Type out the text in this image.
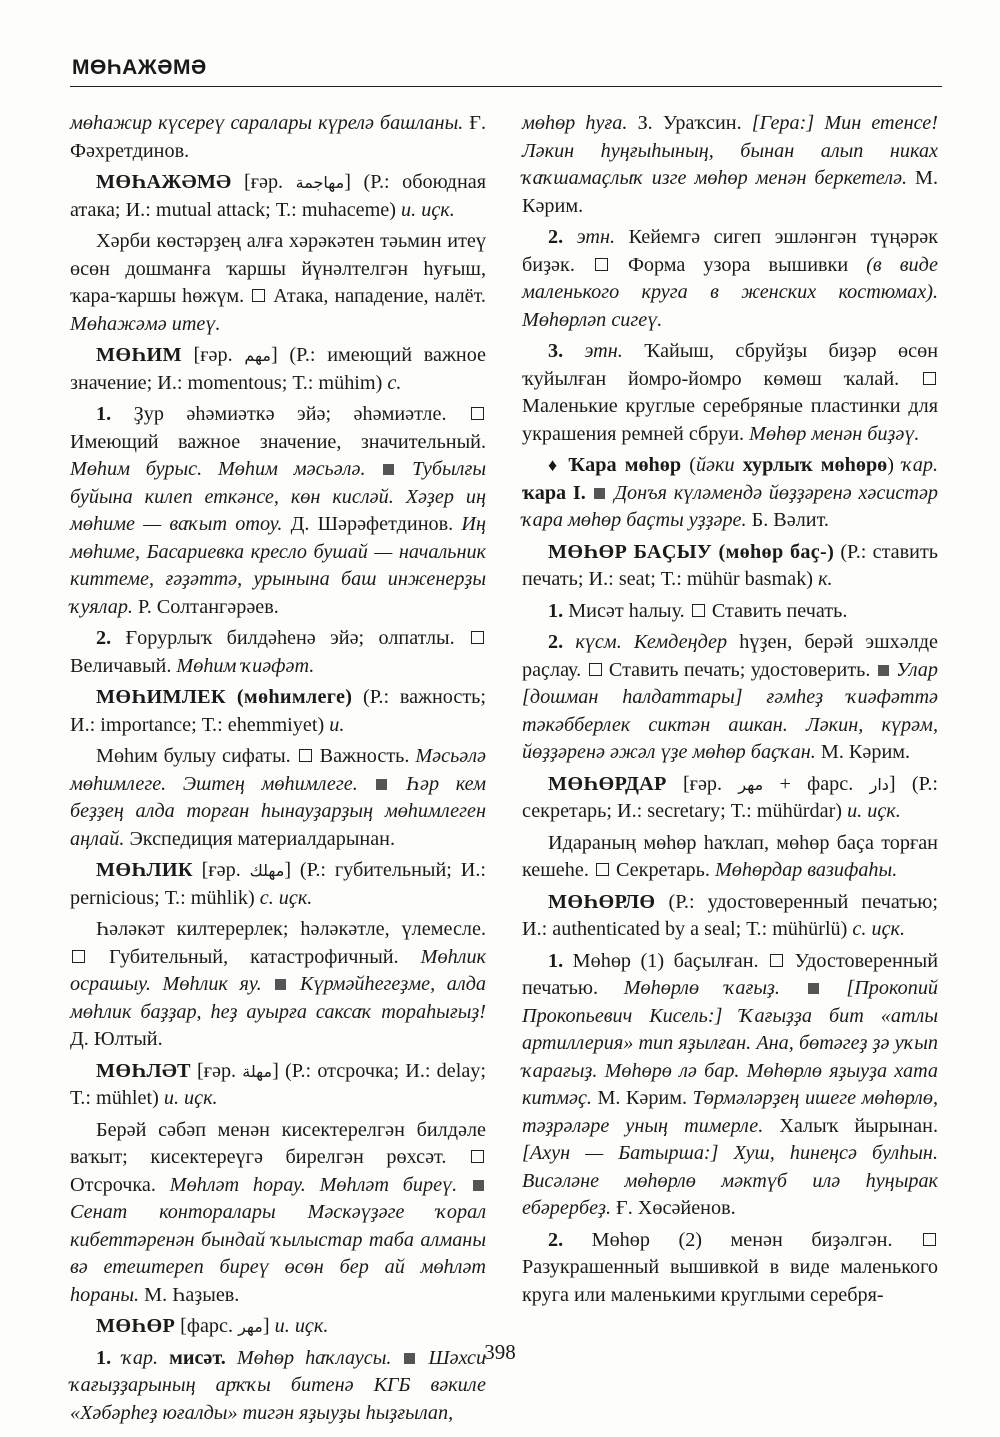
МӨҺАЖӘМӘ

мөһажир күсереү саралары күрелә башланы. Ғ. Фәхретдинов.

МӨҺАЖӘМӘ [ғәр. مهاجمة] (Р.: обоюдная атака; И.: mutual attack; Т.: muhaceme) и. иҫк.

Хәрби көстәрҙең алға хәрәкәтен тәьмин итеү өсөн дошманға ҡаршы йүнәлтелгән һуғыш, ҡара-ҡаршы һөжүм.  Атака, нападение, налёт. Мөһажәмә итеү.

МӨҺИМ [ғәр. مهم] (Р.: имеющий важное значение; И.: momentous; Т.: mühim) с.

1. Ҙур әһәмиәткә эйә; әһәмиәтле.  Имеющий важное значение, значительный. Мөһим бурыс. Мөһим мәсьәлә. Тубылғы буйына килеп еткәнсе, көн кисләй. Хәҙер иң мөһиме — ваҡыт отоу. Д. Шәрәфетдинов. Иң мөһиме, Басариевка кресло бушай — начальник киттеме, ғәҙәттә, урынына баш инженерҙы ҡуялар. Р. Солтангәрәев.

2. Ғорурлыҡ билдәһенә эйә; олпатлы.  Величавый. Мөһим ҡиәфәт.

МӨҺИМЛЕК (мөһимлеге) (Р.: важность; И.: importance; Т.: ehemmiyet) и.

Мөһим булыу сифаты.  Важность. Мәсьәлә мөһимлеге. Эштең мөһимлеге. Һәр кем беҙҙең алда торған һынауҙарҙың мөһимлеген аңлай. Экспедиция материалдарынан.

МӨҺЛИК [ғәр. مهلك] (Р.: губительный; И.: pernicious; Т.: mühlik) с. иҫк.

Һәләкәт килтерерлек; һәләкәтле, үлемесле.  Губительный, катастрофичный. Мөһлик осрашыу. Мөһлик яу. Күрмәйһегеҙме, алда мөһлик баҙҙар, һеҙ ауырға саксаҡ тораһығыҙ! Д. Юлтый.

МӨҺЛӘТ [ғәр. مهلة] (Р.: отсрочка; И.: delay; Т.: mühlet) и. иҫк.

Берәй сәбәп менән кисектерелгән билдәле ваҡыт; кисектереүгә бирелгән рөхсәт.  Отсрочка. Мөһләт һорау. Мөһләт биреү.  Сенат конторалары Мәскәүҙәге ҡорал кибеттәренән бындай ҡылыстар таба алманы вә етештереп биреү өсөн бер ай мөһләт һораны. М. Һаҙыев.

МӨҺӨР [фарс. مهر] и. иҫк.

1. ҡар. мисәт. Мөһөр һаҡлаусы. Шәхси ҡағыҙҙарының арҡҡы битенә КГБ вәкиле «Хәбәрһеҙ юғалды» тигән яҙыуҙы һыҙғылап,

мөһөр һуға. З. Ураҡсин. [Гера:] Мин етенсе! Ләкин һуңғыһының, бынан алып никах ҡаҡшамаҫлыҡ изге мөһөр менән беркетелә. М. Кәрим.

2. этн. Кейемгә сигеп эшләнгән түңәрәк биҙәк.  Форма узора вышивки (в виде маленького круга в женских костюмах). Мөһөрләп сигеү.

3. этн. Ҡайыш, сбруйҙы биҙәр өсөн ҡуйылған йомро-йомро көмөш ҡалай.  Маленькие круглые серебряные пластинки для украшения ремней сбруи. Мөһөр менән биҙәү.

♦ Ҡара мөһөр (йәки хурлыҡ мөһөрө) ҡар. ҡара I. Донъя күләмендә йөҙҙәренә хәсистәр ҡара мөһөр баҫты уҙҙәре. Б. Вәлит.

МӨҺӨР БАҪЫУ (мөһөр баҫ-) (Р.: ставить печать; И.: seat; Т.: mühür basmak) к.

1. Мисәт һалыу.  Ставить печать.

2. күсм. Кемдеңдер һүҙен, берәй эшхәлде раҫлау.  Ставить печать; удостоверить.  Улар [дошман һалдаттары] ғәмһеҙ ҡиәфәттә тәкәбберлек сиктән ашкан. Ләкин, күрәм, йөҙҙәренә әжәл үҙе мөһөр баҫҡан. М. Кәрим.

МӨҺӨРДАР [ғәр. مهر + фарс. دار] (Р.: секретарь; И.: secretary; Т.: mühürdar) и. иҫк.

Идараның мөһөр һаҡлап, мөһөр баҫа торған кешеһе.  Секретарь. Мөһөрдар вазифаһы.

МӨҺӨРЛӨ (Р.: удостоверенный печатью; И.: authenticated by a seal; Т.: mühürlü) с. иҫк.

1. Мөһөр (1) баҫылған.  Удостоверенный печатью. Мөһөрлө ҡағыҙ.	[Прокопий Прокопьевич Кисель:] Ҡағыҙҙа бит «атлы артиллерия» тип яҙылған. Ана, бөтәгеҙ ҙә уҡып ҡарағыҙ. Мөһөрө лә бар. Мөһөрлө яҙыуҙа хата китмәҫ. М. Кәрим. Төрмәләрҙең ишеге мөһөрлө, тәҙрәләре уның тимерле. Халыҡ йырынан. [Ахун — Батырша:] Хуш, һинеңсә булһын. Висәләне мөһөрлө мәктүб илә һуңырак ебәрербеҙ. Ғ. Хөсәйенов.

2. Мөһөр (2) менән биҙәлгән.  Разукрашенный вышивкой в виде маленького круга или маленькими круглыми серебря-

398
